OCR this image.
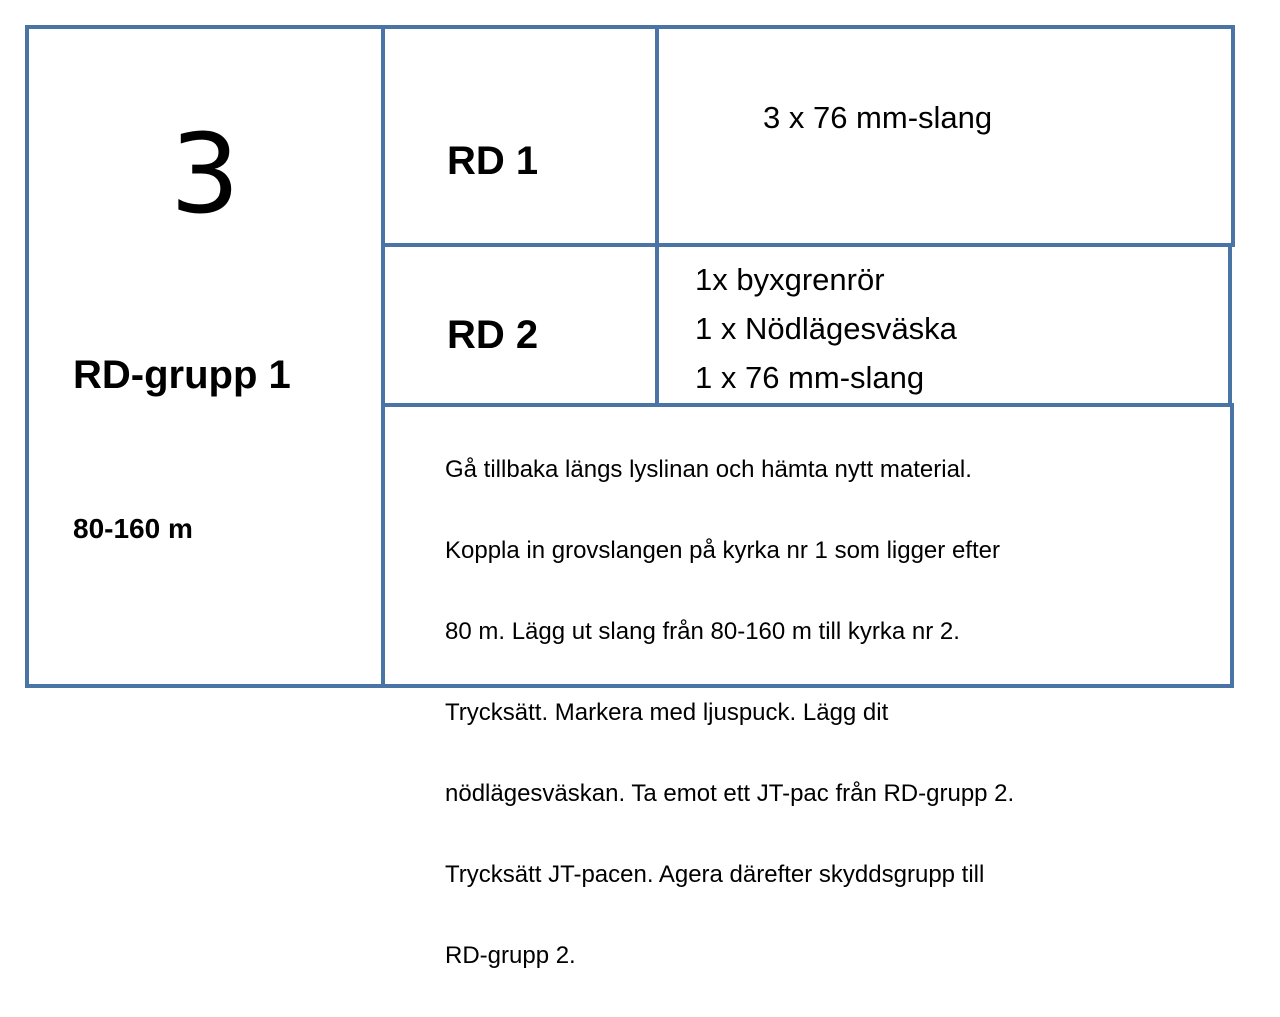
3
RD-grupp 1
80-160 m
RD 1
3 x 76 mm-slang
RD 2
1x byxgrenrör
1 x Nödlägesväska
1 x 76 mm-slang

Gå tillbaka längs lyslinan och hämta nytt material.

Koppla in grovslangen på kyrka nr 1 som ligger efter

80 m. Lägg ut slang från 80-160 m till kyrka nr 2.

Trycksätt. Markera med ljuspuck. Lägg dit

nödlägesväskan. Ta emot ett JT-pac från RD-grupp 2.

Trycksätt JT-pacen. Agera därefter skyddsgrupp till

RD-grupp 2.
